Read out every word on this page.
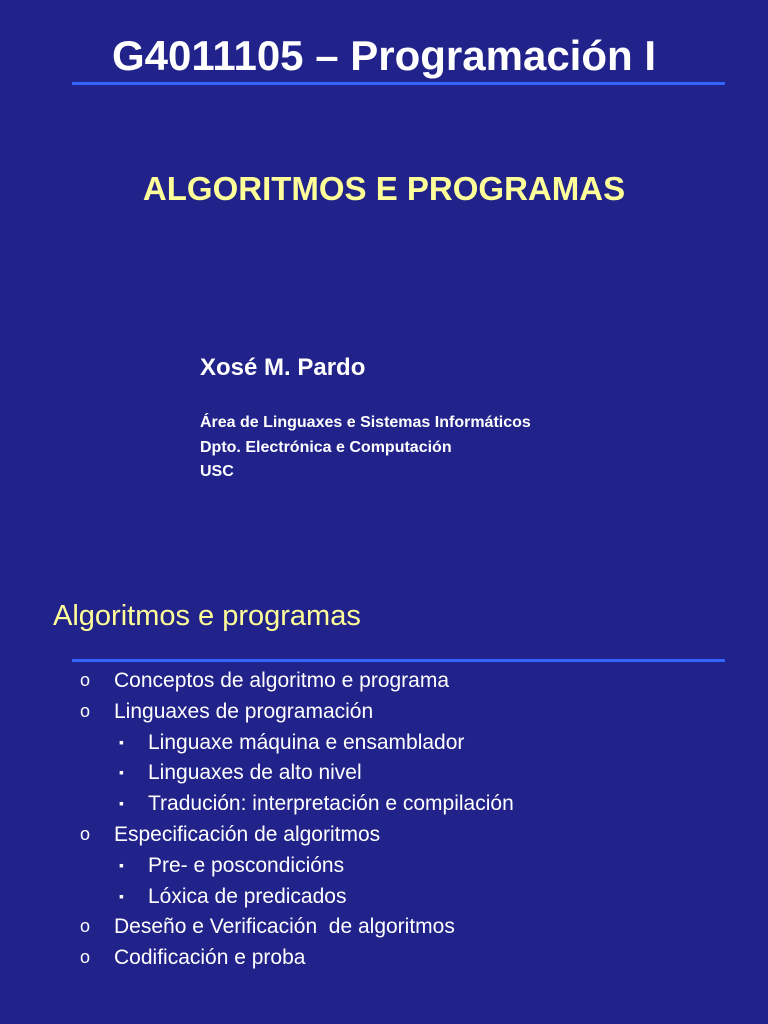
G4011105 – Programación I
ALGORITMOS E PROGRAMAS
Xosé M. Pardo
Área de Linguaxes e Sistemas Informáticos
Dpto. Electrónica e Computación
USC
Algoritmos e programas
o Conceptos de algoritmo e programa
o Linguaxes de programación
▪ Linguaxe máquina e ensamblador
▪ Linguaxes de alto nivel
▪ Tradución: interpretación e compilación
o Especificación de algoritmos
▪ Pre- e poscondicións
▪ Lóxica de predicados
o Deseño e Verificación  de algoritmos
o Codificación e proba
